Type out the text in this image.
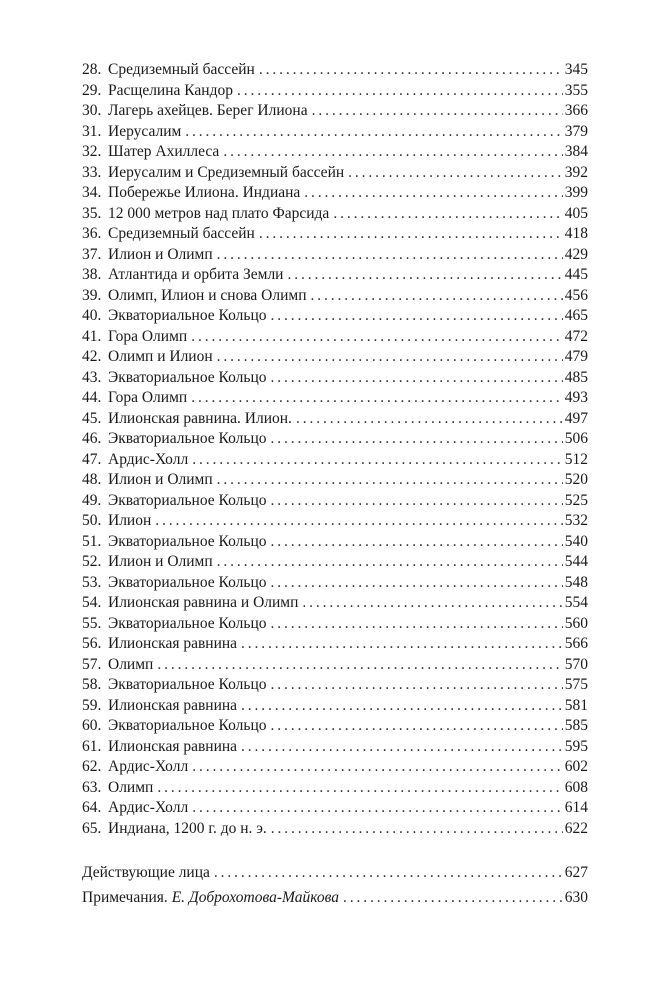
28. Средиземный бассейн . . .	345
29. Расщелина Кандор . . .	355
30. Лагерь ахейцев. Берег Илиона . . .	366
31. Иерусалим . . .	379
32. Шатер Ахиллеса . . .	384
33. Иерусалим и Средиземный бассейн . . .	392
34. Побережье Илиона. Индиана . . .	399
35. 12 000 метров над плато Фарсида . . .	405
36. Средиземный бассейн . . .	418
37. Илион и Олимп . . .	429
38. Атлантида и орбита Земли . . .	445
39. Олимп, Илион и снова Олимп . . .	456
40. Экваториальное Кольцо . . .	465
41. Гора Олимп . . .	472
42. Олимп и Илион . . .	479
43. Экваториальное Кольцо . . .	485
44. Гора Олимп . . .	493
45. Илионская равнина. Илион. . . .	497
46. Экваториальное Кольцо . . .	506
47. Ардис-Холл . . .	512
48. Илион и Олимп . . .	520
49. Экваториальное Кольцо . . .	525
50. Илион . . .	532
51. Экваториальное Кольцо . . .	540
52. Илион и Олимп . . .	544
53. Экваториальное Кольцо . . .	548
54. Илионская равнина и Олимп . . .	554
55. Экваториальное Кольцо . . .	560
56. Илионская равнина . . .	566
57. Олимп . . .	570
58. Экваториальное Кольцо . . .	575
59. Илионская равнина . . .	581
60. Экваториальное Кольцо . . .	585
61. Илионская равнина . . .	595
62. Ардис-Холл . . .	602
63. Олимп . . .	608
64. Ардис-Холл . . .	614
65. Индиана, 1200 г. до н. э. . . .	622
Действующие лица . . .	627
Примечания. Е. Доброхотова-Майкова . . .	630
